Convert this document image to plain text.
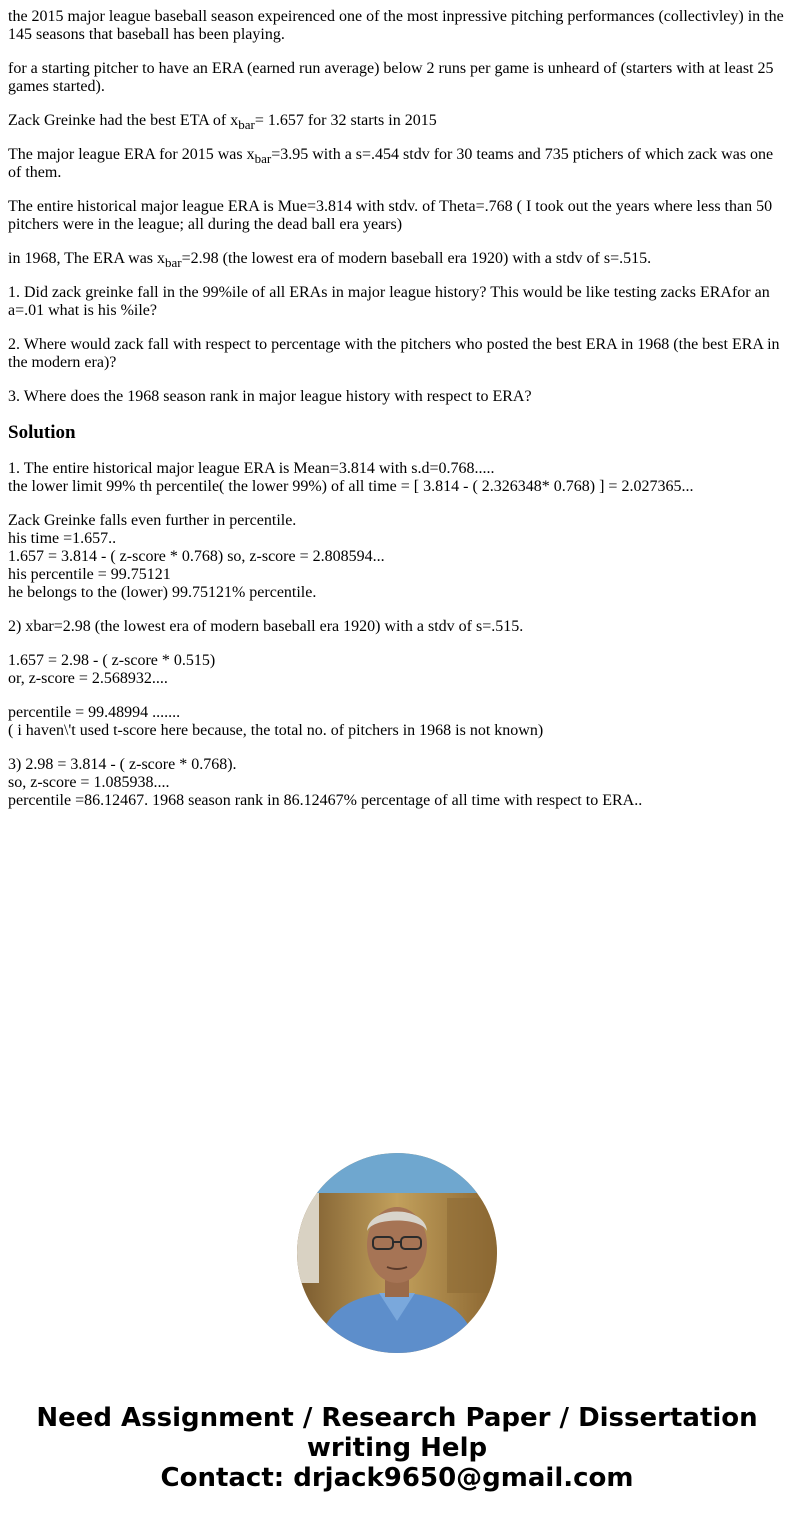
the 2015 major league baseball season expeirenced one of the most inpressive pitching performances (collectivley) in the 145 seasons that baseball has been playing.

for a starting pitcher to have an ERA (earned run average) below 2 runs per game is unheard of (starters with at least 25 games started).

Zack Greinke had the best ETA of $x_{bar}= 1.657$ for 32 starts in 2015

The major league ERA for 2015 was $x_{bar}=3.95$ with a s=.454 stdv for 30 teams and 735 ptichers of which zack was one of them.

The entire historical major league ERA is Mue=3.814 with stdv. of Theta=.768 ( I took out the years where less than 50 pitchers were in the league; all during the dead ball era years)

in 1968, The ERA was $x_{bar}=2.98$ (the lowest era of modern baseball era 1920) with a stdv of s=.515.

1. Did zack greinke fall in the 99%ile of all ERAs in major league history? This would be like testing zacks ERAfor an a=.01 what is his %ile?

2. Where would zack fall with respect to percentage with the pitchers who posted the best ERA in 1968 (the best ERA in the modern era)?

3. Where does the 1968 season rank in major league history with respect to ERA?

Solution

1. The entire historical major league ERA is Mean=3.814 with s.d=0.768.....
the lower limit 99% th percentile( the lower 99%) of all time = [ 3.814 - ( 2.326348* 0.768) ] = 2.027365...

Zack Greinke falls even further in percentile.
his time =1.657..
1.657 = 3.814 - ( z-score * 0.768) so, z-score = 2.808594...
his percentile = 99.75121
he belongs to the (lower) 99.75121% percentile.

2) xbar=2.98 (the lowest era of modern baseball era 1920) with a stdv of s=.515.

1.657 = 2.98 - ( z-score * 0.515)
or, z-score = 2.568932....

percentile = 99.48994 .......
( i haven\'t used t-score here because, the total no. of pitchers in 1968 is not known)

3) 2.98 = 3.814 - ( z-score * 0.768).
so, z-score = 1.085938....
percentile =86.12467. 1968 season rank in 86.12467% percentage of all time with respect to ERA..

Need Assignment / Research Paper / Dissertation
writing Help
Contact: drjack9650@gmail.com
